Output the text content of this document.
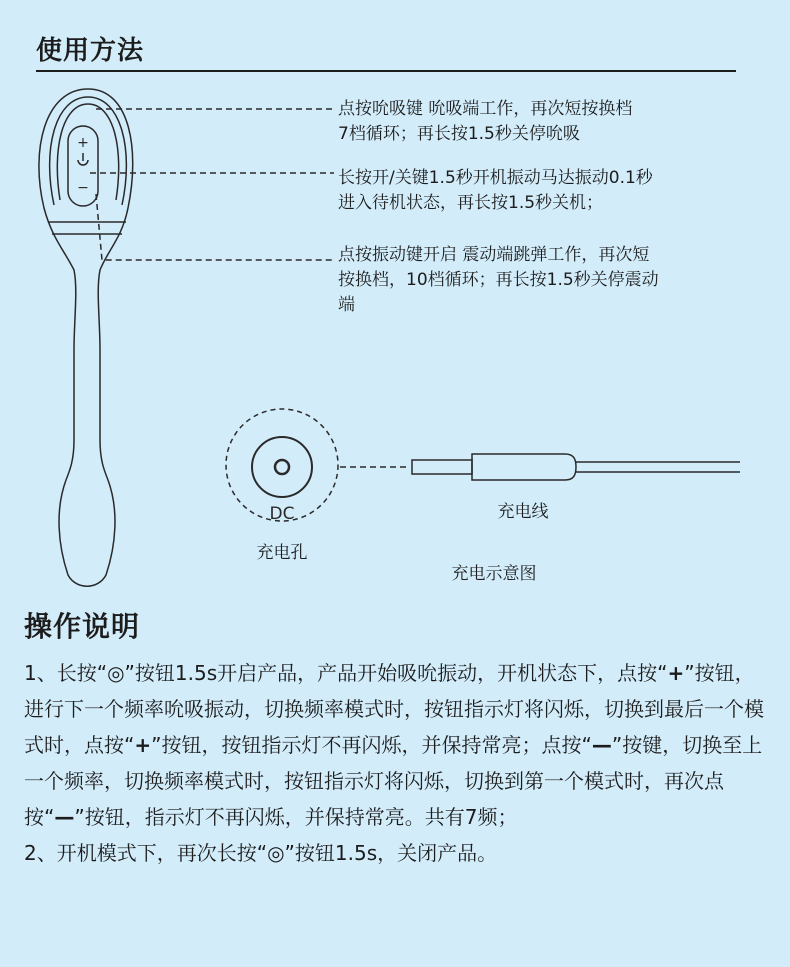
使用方法
+
−
DC	充电线
充电孔
充电示意图
点按吮吸键 吮吸端工作，再次短按换档
7档循环；再长按1.5秒关停吮吸
长按开/关键1.5秒开机振动马达振动0.1秒
进入待机状态，再长按1.5秒关机；
点按振动键开启 震动端跳弹工作，再次短
按换档，10档循环；再长按1.5秒关停震动
端
操作说明

1、长按“◎”按钮1.5s开启产品，产品开始吸吮振动，开机状态下，点按“+”按钮，进行下一个频率吮吸振动，切换频率模式时，按钮指示灯将闪烁，切换到最后一个模式时，点按“+”按钮，按钮指示灯不再闪烁，并保持常亮；点按“—”按键，切换至上一个频率，切换频率模式时，按钮指示灯将闪烁，切换到第一个模式时，再次点按“—”按钮，指示灯不再闪烁，并保持常亮。共有7频；

2、开机模式下，再次长按“◎”按钮1.5s，关闭产品。
